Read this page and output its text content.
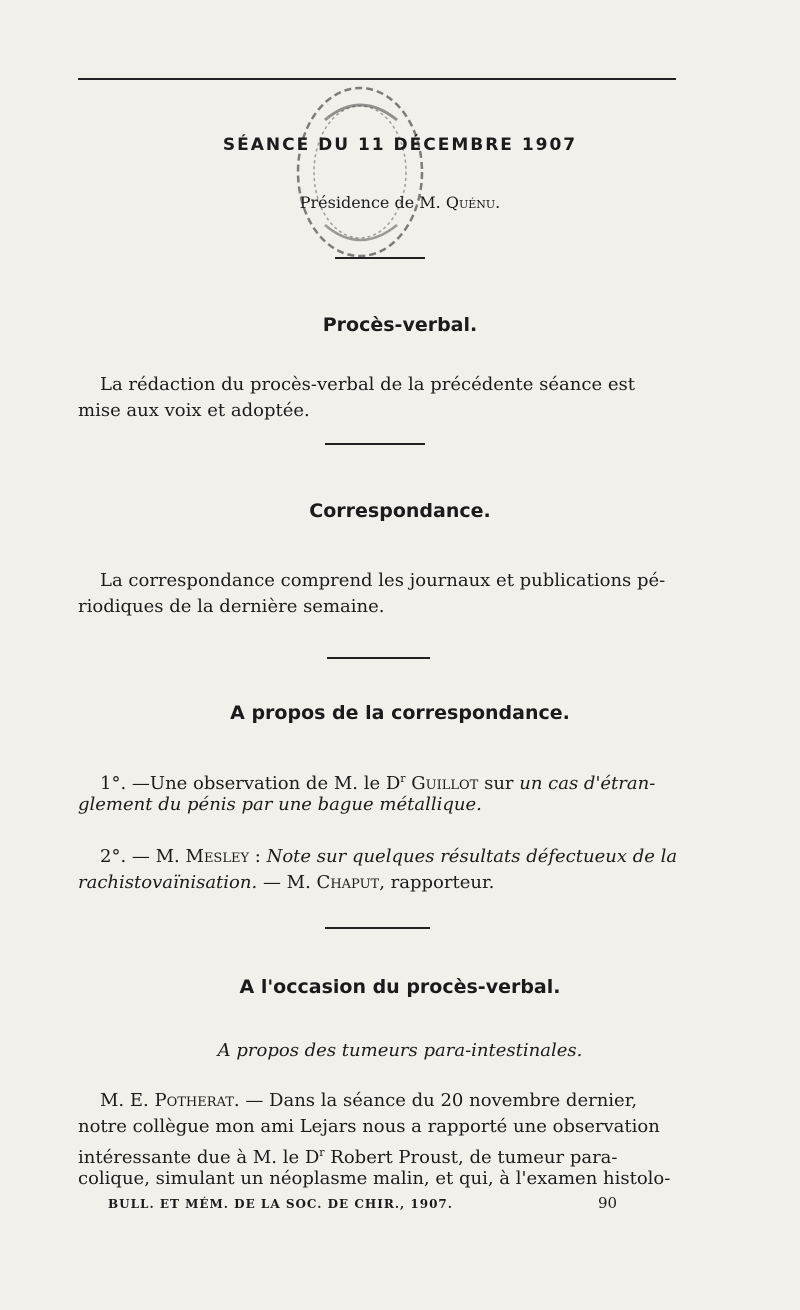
SÉANCE DU 11 DÉCEMBRE 1907
Présidence de M. Quénu.
Procès-verbal.
La rédaction du procès-verbal de la précédente séance est
mise aux voix et adoptée.
Correspondance.
La correspondance comprend les journaux et publications pé-
riodiques de la dernière semaine.
A propos de la correspondance.
1°. —Une observation de M. le $D^r$ Guillot sur un cas d'étran-
glement du pénis par une bague métallique.
2°. — M. Mesley : Note sur quelques résultats défectueux de la
rachistovaïnisation. — M. Chaput, rapporteur.
A l'occasion du procès-verbal.
A propos des tumeurs para-intestinales.
M. E. Potherat. — Dans la séance du 20 novembre dernier,
notre collègue mon ami Lejars nous a rapporté une observation
intéressante due à M. le $D^r$ Robert Proust, de tumeur para-
colique, simulant un néoplasme malin, et qui, à l'examen histolo-
BULL. ET MÉM. DE LA SOC. DE CHIR., 1907.	90
